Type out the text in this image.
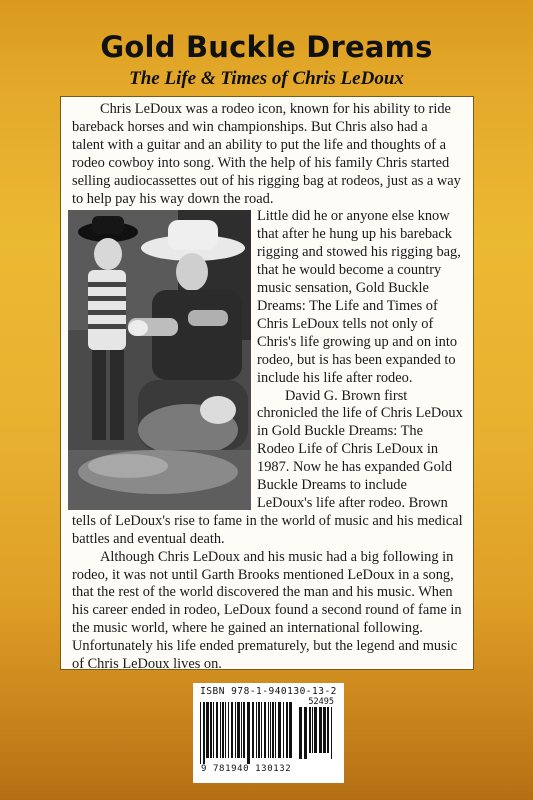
Gold Buckle Dreams
The Life & Times of Chris LeDoux

Chris LeDoux was a rodeo icon, known for his ability to ride bareback horses and win championships. But Chris also had a talent with a guitar and an ability to put the life and thoughts of a rodeo cowboy into song. With the help of his family Chris started selling audiocassettes out of his rigging bag at rodeos, just as a way to help pay his way down the road.

Little did he or anyone else know that after he hung up his bareback rigging and stowed his rigging bag, that he would become a country music sensation, Gold Buckle Dreams: The Life and Times of Chris LeDoux tells not only of Chris's life growing up and on into rodeo, but is has been expanded to include his life after rodeo.

David G. Brown first chronicled the life of Chris LeDoux in Gold Buckle Dreams: The Rodeo Life of Chris LeDoux in 1987. Now he has expanded Gold Buckle Dreams to include LeDoux's life after rodeo. Brown tells of LeDoux's rise to fame in the world of music and his medical battles and eventual death.

Although Chris LeDoux and his music had a big following in rodeo, it was not until Garth Brooks mentioned LeDoux in a song, that the rest of the world discovered the man and his music. When his career ended in rodeo, LeDoux found a second round of fame in the music world, where he gained an international following. Unfortunately his life ended prematurely, but the legend and music of Chris LeDoux lives on.

ISBN 978-1-940130-13-2
52495
9 781940 130132
